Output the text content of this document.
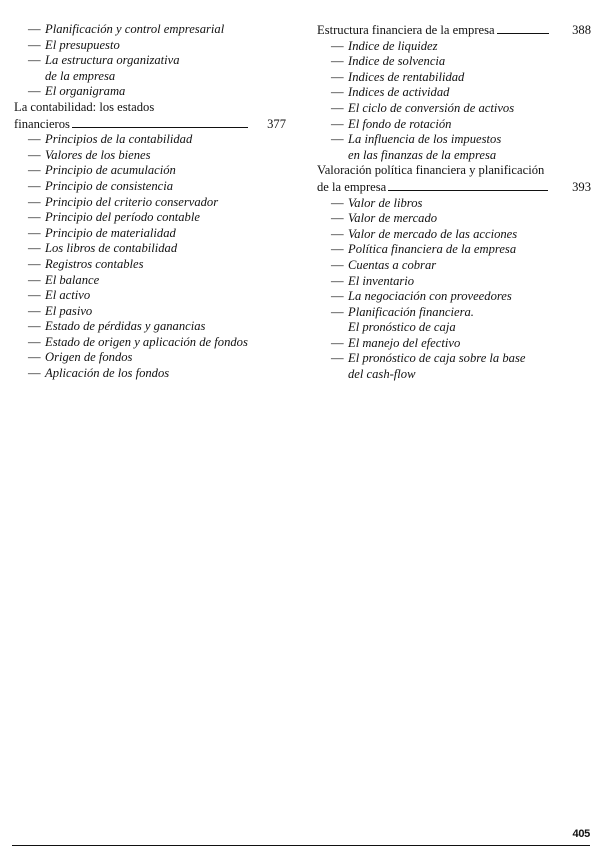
— Planificación y control empresarial
— El presupuesto
— La estructura organizativa
de la empresa
— El organigrama
La contabilidad: los estados
financieros	377
— Principios de la contabilidad
— Valores de los bienes
— Principio de acumulación
— Principio de consistencia
— Principio del criterio conservador
— Principio del período contable
— Principio de materialidad
— Los libros de contabilidad
— Registros contables
— El balance
— El activo
— El pasivo
— Estado de pérdidas y ganancias
— Estado de origen y aplicación de fondos
— Origen de fondos
— Aplicación de los fondos
Estructura financiera de la empresa	388
— Indice de liquidez
— Indice de solvencia
— Indices de rentabilidad
— Indices de actividad
— El ciclo de conversión de activos
— El fondo de rotación
— La influencia de los impuestos
en las finanzas de la empresa
Valoración política financiera y planificación
de la empresa	393
— Valor de libros
— Valor de mercado
— Valor de mercado de las acciones
— Política financiera de la empresa
— Cuentas a cobrar
— El inventario
— La negociación con proveedores
— Planificación financiera.
El pronóstico de caja
— El manejo del efectivo
— El pronóstico de caja sobre la base
del cash-flow
405
